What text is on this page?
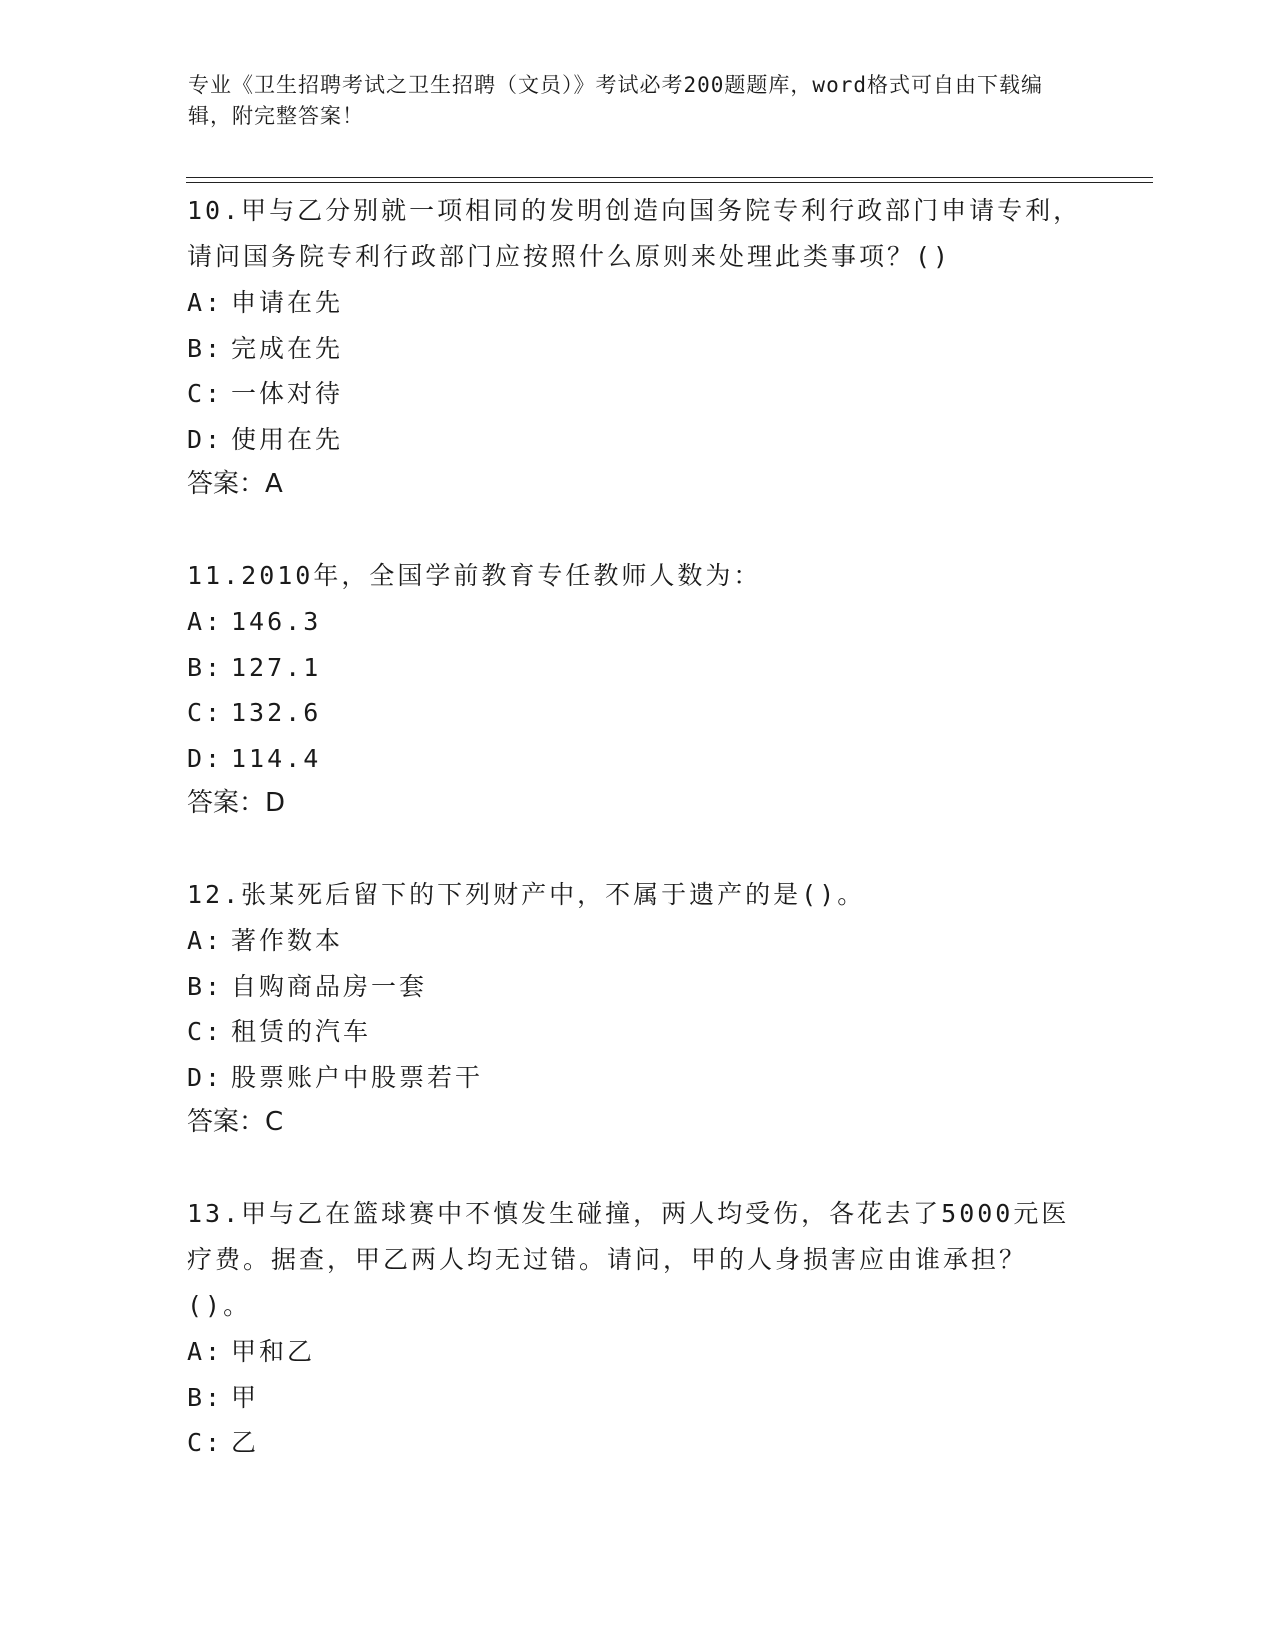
专业《卫生招聘考试之卫生招聘（文员）》考试必考200题题库，word格式可自由下载编辑，附完整答案！

10.甲与乙分别就一项相同的发明创造向国务院专利行政部门申请专利，请问国务院专利行政部门应按照什么原则来处理此类事项？()

A: 申请在先

B: 完成在先

C: 一体对待

D: 使用在先

答案：A

11.2010年，全国学前教育专任教师人数为：

A: 146.3

B: 127.1

C: 132.6

D: 114.4

答案：D

12.张某死后留下的下列财产中，不属于遗产的是()。

A: 著作数本

B: 自购商品房一套

C: 租赁的汽车

D: 股票账户中股票若干

答案：C

13.甲与乙在篮球赛中不慎发生碰撞，两人均受伤，各花去了5000元医疗费。据查，甲乙两人均无过错。请问，甲的人身损害应由谁承担？()。

A: 甲和乙

B: 甲

C: 乙
